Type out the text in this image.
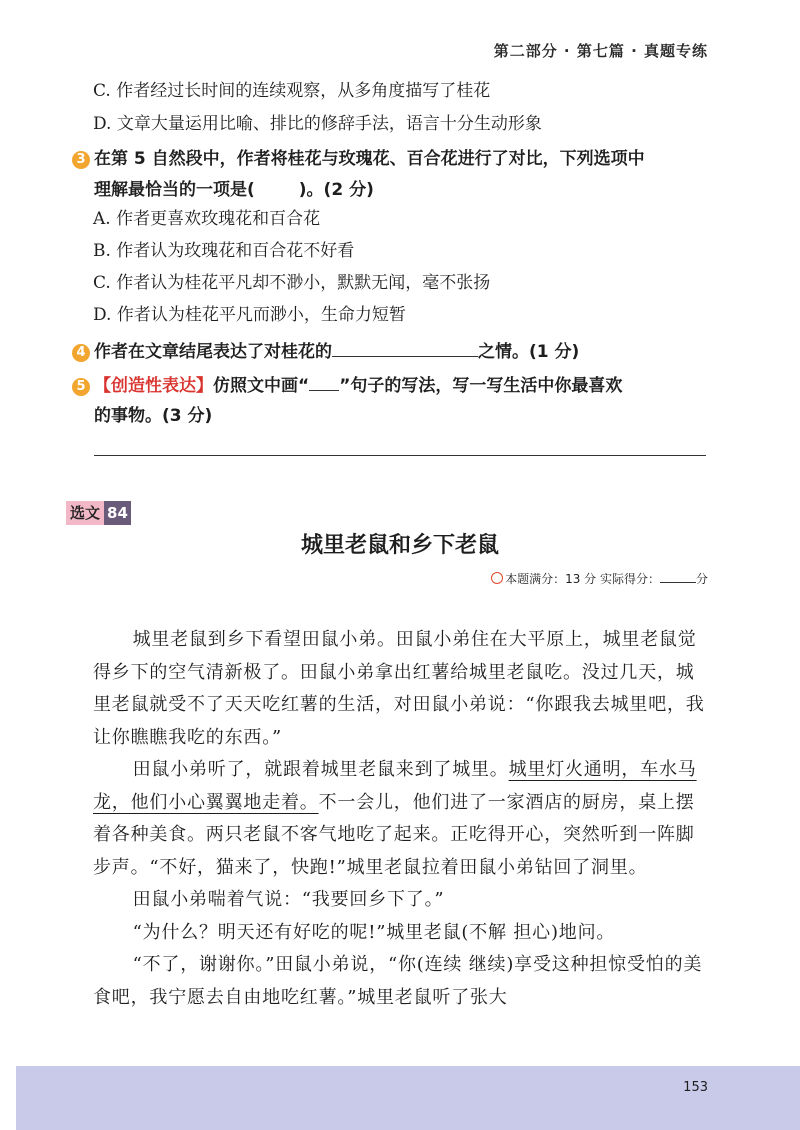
第二部分 · 第七篇 · 真题专练
C. 作者经过长时间的连续观察，从多角度描写了桂花
D. 文章大量运用比喻、排比的修辞手法，语言十分生动形象
3 在第 5 自然段中，作者将桂花与玫瑰花、百合花进行了对比，下列选项中
理解最恰当的一项是(	)。(2 分)
A. 作者更喜欢玫瑰花和百合花
B. 作者认为玫瑰花和百合花不好看
C. 作者认为桂花平凡却不渺小，默默无闻，毫不张扬
D. 作者认为桂花平凡而渺小，生命力短暂
4 作者在文章结尾表达了对桂花的	之情。(1 分)
5 【创造性表达】仿照文中画“ ”句子的写法，写一写生活中你最喜欢
的事物。(3 分)
选文 84
城里老鼠和乡下老鼠
本题满分：13 分 实际得分：	分

城里老鼠到乡下看望田鼠小弟。田鼠小弟住在大平原上，城里老鼠觉得乡下的空气清新极了。田鼠小弟拿出红薯给城里老鼠吃。没过几天，城里老鼠就受不了天天吃红薯的生活，对田鼠小弟说：“你跟我去城里吧，我让你瞧瞧我吃的东西。”

田鼠小弟听了，就跟着城里老鼠来到了城里。城里灯火通明，车水马龙，他们小心翼翼地走着。不一会儿，他们进了一家酒店的厨房，桌上摆着各种美食。两只老鼠不客气地吃了起来。正吃得开心，突然听到一阵脚步声。“不好，猫来了，快跑!”城里老鼠拉着田鼠小弟钻回了洞里。

田鼠小弟喘着气说：“我要回乡下了。”

“为什么？明天还有好吃的呢!”城里老鼠(不解 担心)地问。

“不了，谢谢你。”田鼠小弟说，“你(连续 继续)享受这种担惊受怕的美食吧，我宁愿去自由地吃红薯。”城里老鼠听了张大

153
